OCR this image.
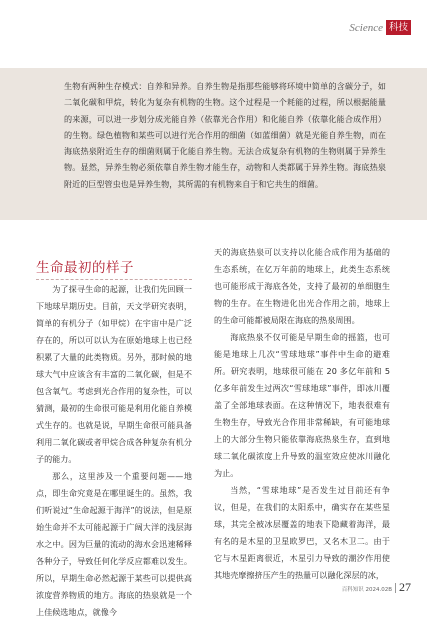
Science 科技

生物有两种生存模式：自养和异养。自养生物是指那些能够将环境中简单的含碳分子，如二氧化碳和甲烷，转化为复杂有机物的生物。这个过程是一个耗能的过程，所以根据能量的来源，可以进一步划分成光能自养（依靠光合作用）和化能自养（依靠化能合成作用）的生物。绿色植物和某些可以进行光合作用的细菌（如蓝细菌）就是光能自养生物，而在海底热泉附近生存的细菌则属于化能自养生物。无法合成复杂有机物的生物则属于异养生物。显然，异养生物必须依靠自养生物才能生存，动物和人类都属于异养生物。海底热泉附近的巨型管虫也是异养生物，其所需的有机物来自于和它共生的细菌。

生命最初的样子

为了探寻生命的起源，让我们先回顾一下地球早期历史。目前，天文学研究表明，简单的有机分子（如甲烷）在宇宙中是广泛存在的，所以可以认为在原始地球上也已经积累了大量的此类物质。另外，那时候的地球大气中应该含有丰富的二氧化碳，但是不包含氧气。考虑到光合作用的复杂性，可以猜测，最初的生命很可能是利用化能自养模式生存的。也就是说，早期生命很可能具备利用二氧化碳或者甲烷合成各种复杂有机分子的能力。

那么，这里涉及一个重要问题——地点，即生命究竟是在哪里诞生的。虽然，我们听说过“生命起源于海洋”的说法，但是原始生命并不太可能起源于广阔大洋的浅层海水之中。因为巨量的流动的海水会迅速稀释各种分子，导致任何化学反应都难以发生。所以，早期生命必然起源于某些可以提供高浓度营养物质的地方。海底的热泉就是一个上佳候选地点，就像今

天的海底热泉可以支持以化能合成作用为基础的生态系统，在亿万年前的地球上，此类生态系统也可能形成于海底各处，支持了最初的单细胞生物的生存。在生物进化出光合作用之前，地球上的生命可能都被局限在海底的热泉周围。

海底热泉不仅可能是早期生命的摇篮，也可能是地球上几次“雪球地球”事件中生命的避难所。研究表明，地球很可能在 20 多亿年前和 5 亿多年前发生过两次“雪球地球”事件，即冰川覆盖了全部地球表面。在这种情况下，地表很难有生物生存，导致光合作用非常稀缺，有可能地球上的大部分生物只能依靠海底热泉生存，直到地球二氧化碳浓度上升导致的温室效应使冰川融化为止。

当然，“雪球地球”是否发生过目前还有争议，但是，在我们的太阳系中，确实存在某些星球，其完全被冰层覆盖的地表下隐藏着海洋，最有名的是木星的卫星欧罗巴，又名木卫二。由于它与木星距离很近，木星引力导致的潮汐作用使其地壳摩擦挤压产生的热量可以融化深层的冰，

百科知识 2024.02B 27
